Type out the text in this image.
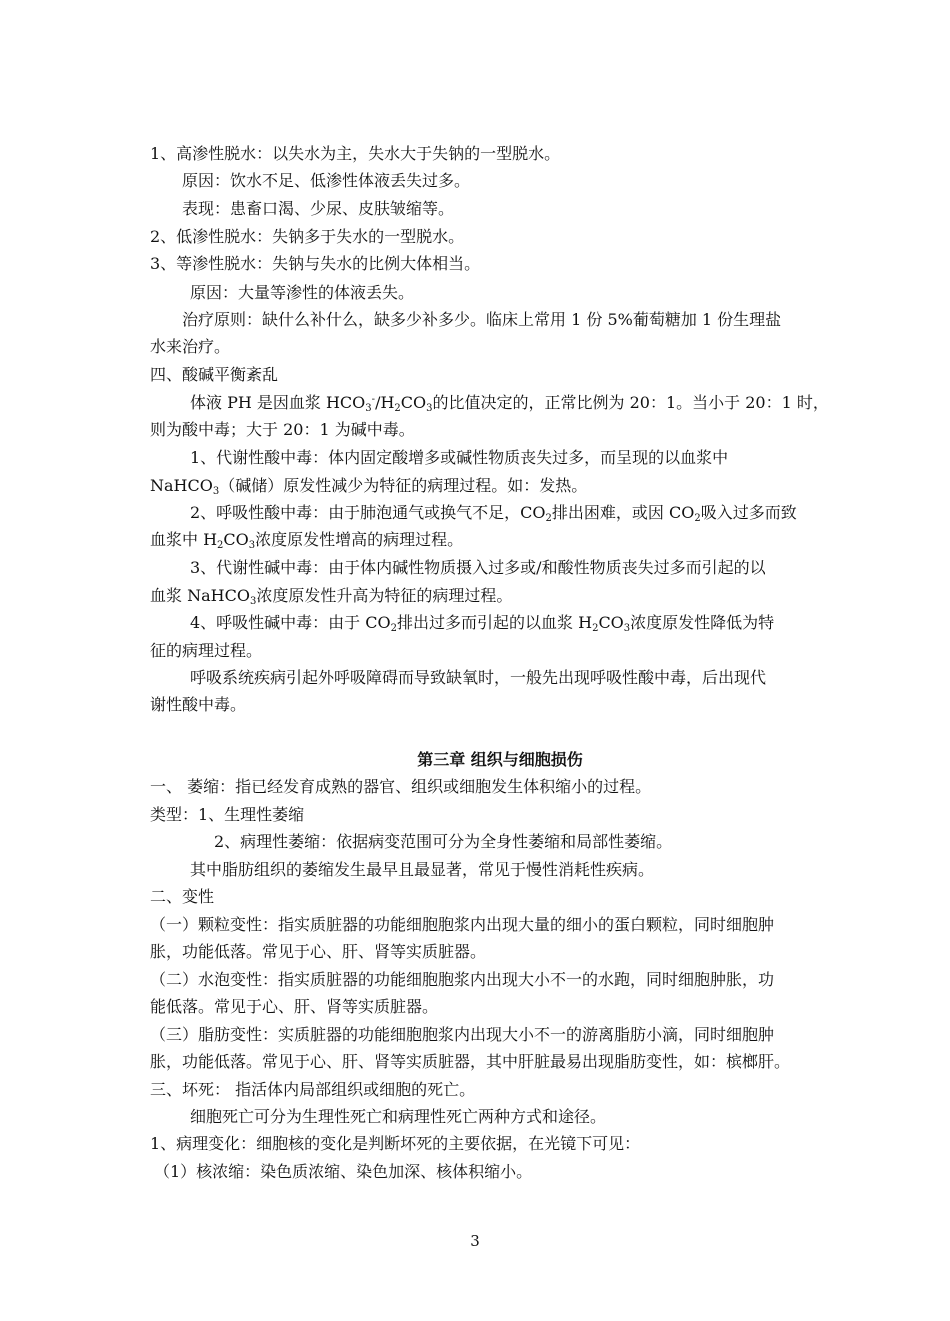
1、高渗性脱水：以失水为主，失水大于失钠的一型脱水。
原因：饮水不足、低渗性体液丢失过多。
表现：患畜口渴、少尿、皮肤皱缩等。
2、低渗性脱水：失钠多于失水的一型脱水。
3、等渗性脱水：失钠与失水的比例大体相当。
原因：大量等渗性的体液丢失。
治疗原则：缺什么补什么，缺多少补多少。临床上常用 1 份 5%葡萄糖加 1 份生理盐
水来治疗。
四、酸碱平衡紊乱
体液 PH 是因血浆 $HCO_3^-/H_2CO_3$的比值决定的，正常比例为 20：1。当小于 20：1 时，
则为酸中毒；大于 20：1 为碱中毒。
1、代谢性酸中毒：体内固定酸增多或碱性物质丧失过多，而呈现的以血浆中
NaHCO$_3$（碱储）原发性减少为特征的病理过程。如：发热。
2、呼吸性酸中毒：由于肺泡通气或换气不足，$CO_2$排出困难，或因 $CO_2$吸入过多而致
血浆中 $H_2CO_3$浓度原发性增高的病理过程。
3、代谢性碱中毒：由于体内碱性物质摄入过多或/和酸性物质丧失过多而引起的以
血浆 NaHCO$_3$浓度原发性升高为特征的病理过程。
4、呼吸性碱中毒：由于 $CO_2$排出过多而引起的以血浆 $H_2CO_3$浓度原发性降低为特
征的病理过程。
呼吸系统疾病引起外呼吸障碍而导致缺氧时，一般先出现呼吸性酸中毒，后出现代
谢性酸中毒。
第三章 组织与细胞损伤
一、 萎缩：指已经发育成熟的器官、组织或细胞发生体积缩小的过程。
类型：1、生理性萎缩
2、病理性萎缩：依据病变范围可分为全身性萎缩和局部性萎缩。
其中脂肪组织的萎缩发生最早且最显著，常见于慢性消耗性疾病。
二、变性
（一）颗粒变性：指实质脏器的功能细胞胞浆内出现大量的细小的蛋白颗粒，同时细胞肿
胀，功能低落。常见于心、肝、肾等实质脏器。
（二）水泡变性：指实质脏器的功能细胞胞浆内出现大小不一的水跑，同时细胞肿胀，功
能低落。常见于心、肝、肾等实质脏器。
（三）脂肪变性：实质脏器的功能细胞胞浆内出现大小不一的游离脂肪小滴，同时细胞肿
胀，功能低落。常见于心、肝、肾等实质脏器，其中肝脏最易出现脂肪变性，如：槟榔肝。
三、坏死： 指活体内局部组织或细胞的死亡。
细胞死亡可分为生理性死亡和病理性死亡两种方式和途径。
1、病理变化：细胞核的变化是判断坏死的主要依据，在光镜下可见：
（1）核浓缩：染色质浓缩、染色加深、核体积缩小。
3
